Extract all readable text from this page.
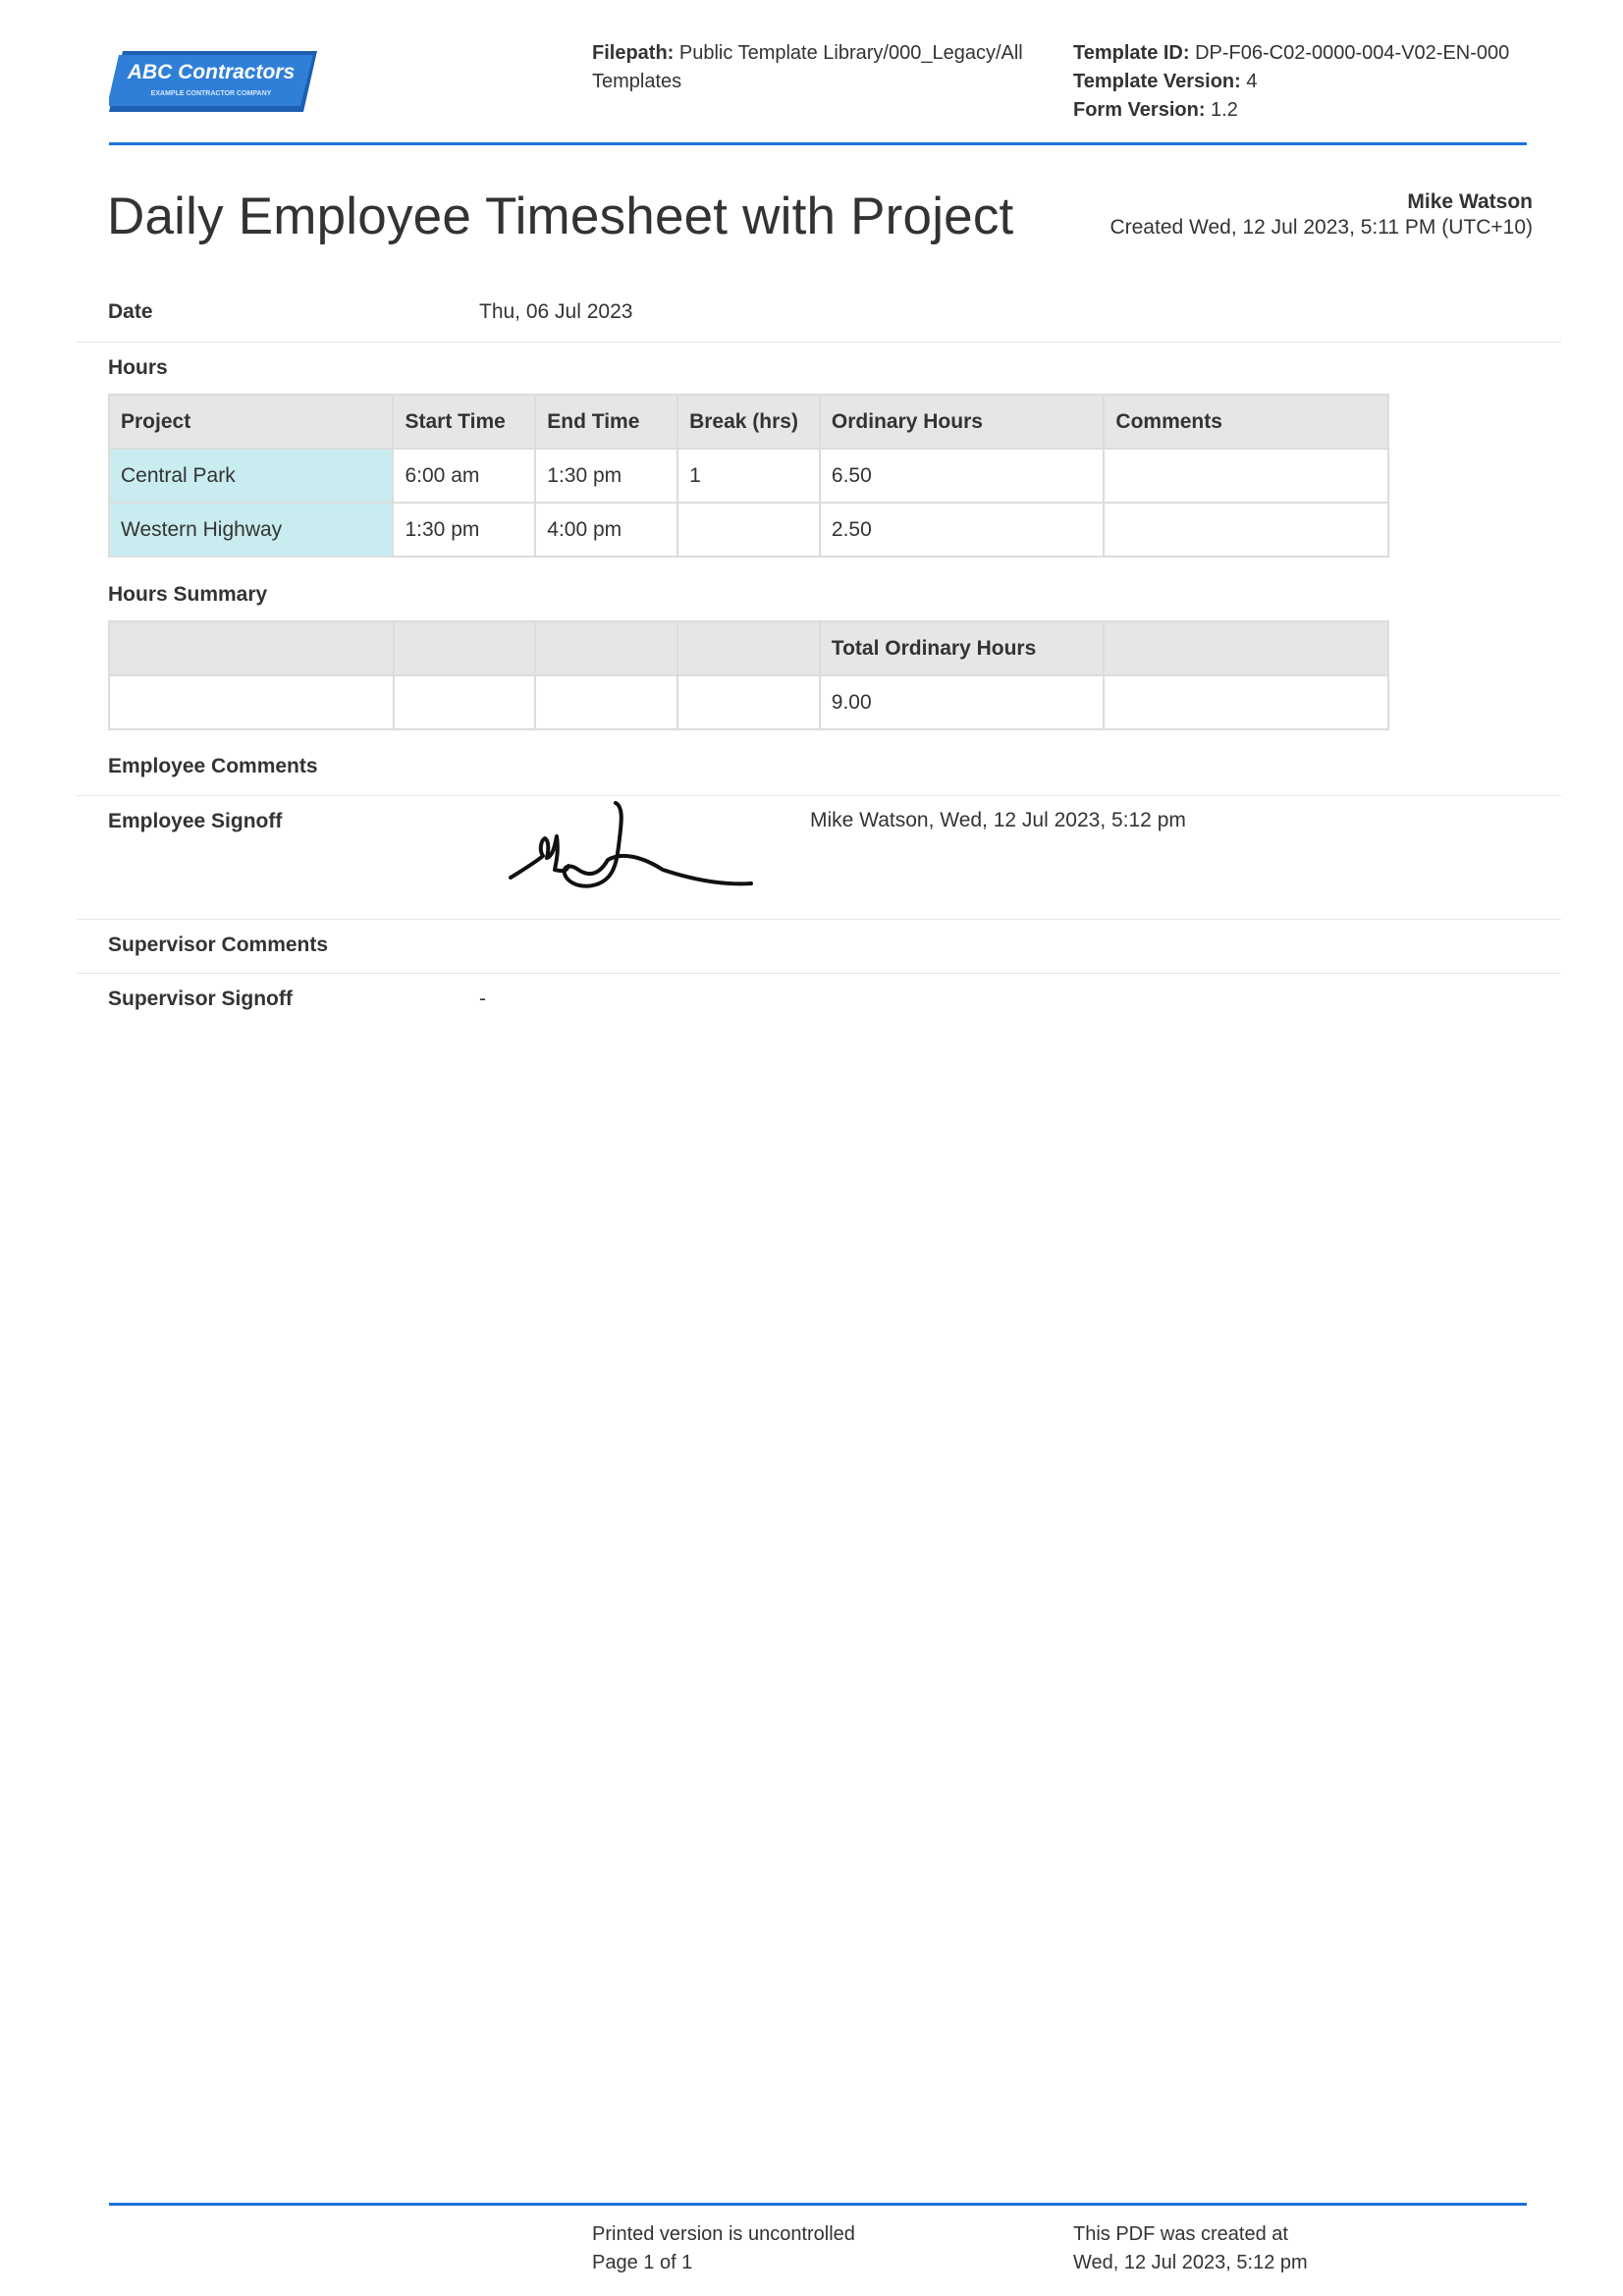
ABC Contractors
EXAMPLE CONTRACTOR COMPANY
Filepath: Public Template Library/000_Legacy/All Templates
Template ID: DP-F06-C02-0000-004-V02-EN-000
Template Version: 4
Form Version: 1.2
Daily Employee Timesheet with Project	Mike Watson
Created Wed, 12 Jul 2023, 5:11 PM (UTC+10)
Date	Thu, 06 Jul 2023
Hours
Project	Start Time	End Time	Break (hrs)	Ordinary Hours	Comments
Central Park	6:00 am	1:30 pm	1	6.50	
Western Highway	1:30 pm	4:00 pm		2.50	
Hours Summary
				Total Ordinary Hours	
				9.00	
Employee Comments
Employee Signoff	Mike Watson, Wed, 12 Jul 2023, 5:12 pm
Supervisor Comments
Supervisor Signoff	-
Printed version is uncontrolled
Page 1 of 1
This PDF was created at
Wed, 12 Jul 2023, 5:12 pm
